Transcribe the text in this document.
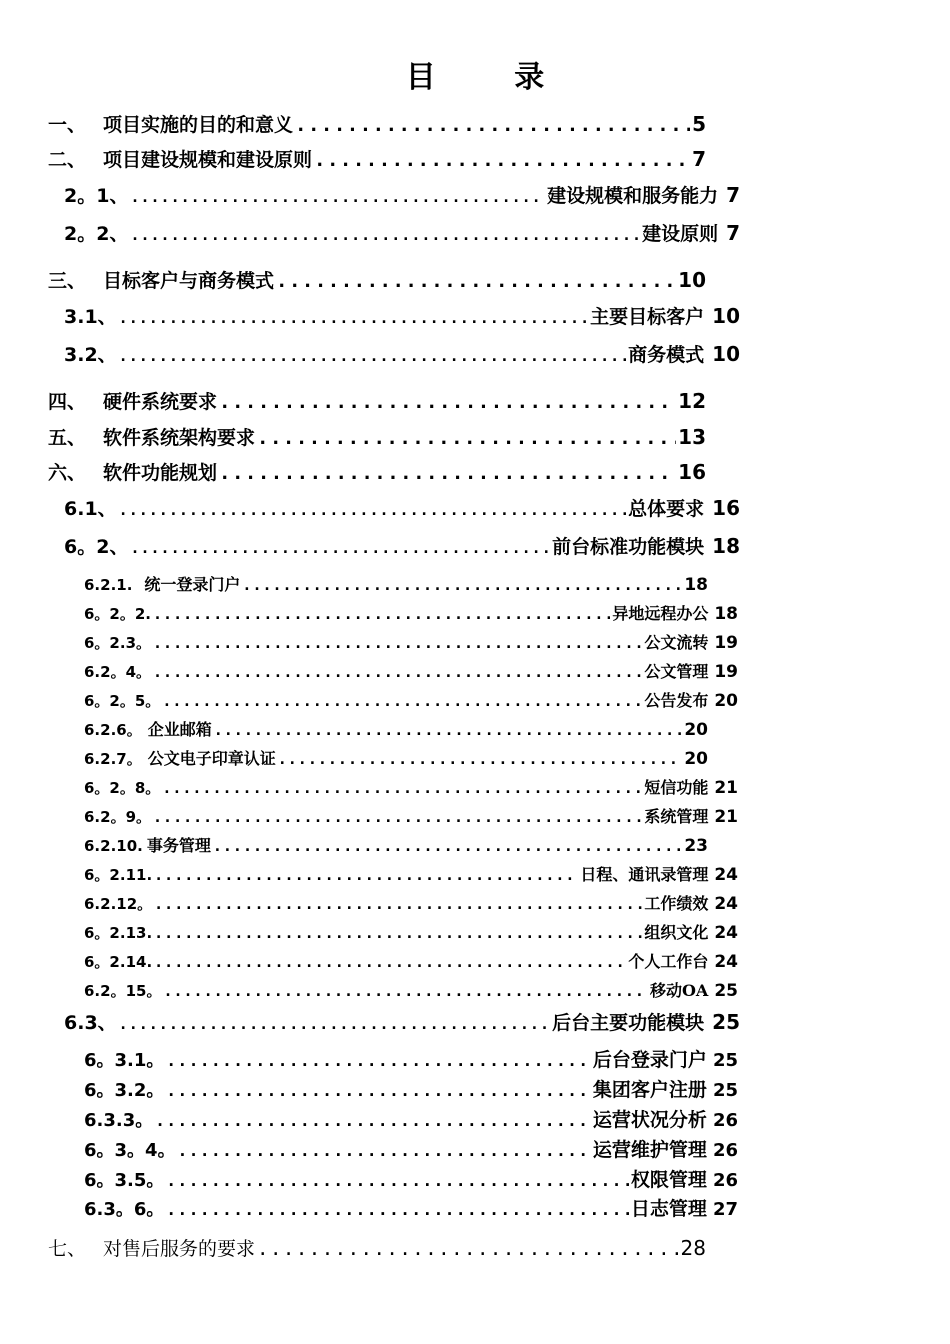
目 录
一、 项目实施的目的和意义 .....	5
二、 项目建设规模和建设原则 .....	7
2。1、 .....	建设规模和服务能力 7
2。2、 .....	建设原则 7
三、 目标客户与商务模式 .....	10
3.1、 .....	主要目标客户 10
3.2、 .....	商务模式 10
四、 硬件系统要求 .....	12
五、 软件系统架构要求 .....	13
六、 软件功能规划 .....	16
6.1、 .....	总体要求 16
6。2、 .....	前台标准功能模块 18
6.2.1. 统一登录门户 .....	18
6。2。2. .....	异地远程办公 18
6。2.3。 .....	公文流转 19
6.2。4。 .....	公文管理 19
6。2。5。 .....	公告发布 20
6.2.6。 企业邮箱 .....	20
6.2.7。 公文电子印章认证 .....	20
6。2。8。 .....	短信功能 21
6.2。9。 .....	系统管理 21
6.2.10. 事务管理 .....	23
6。2.11. .....	日程、通讯录管理 24
6.2.12。 .....	工作绩效 24
6。2.13. .....	组织文化 24
6。2.14. .....	个人工作台 24
6.2。15。 .....	移动OA 25
6.3、 .....	后台主要功能模块 25
6。3.1。 .....	后台登录门户 25
6。3.2。 .....	集团客户注册 25
6.3.3。 .....	运营状况分析 26
6。3。4。 .....	运营维护管理 26
6。3.5。 .....	权限管理 26
6.3。6。 .....	日志管理 27
七、 对售后服务的要求 .....	28
